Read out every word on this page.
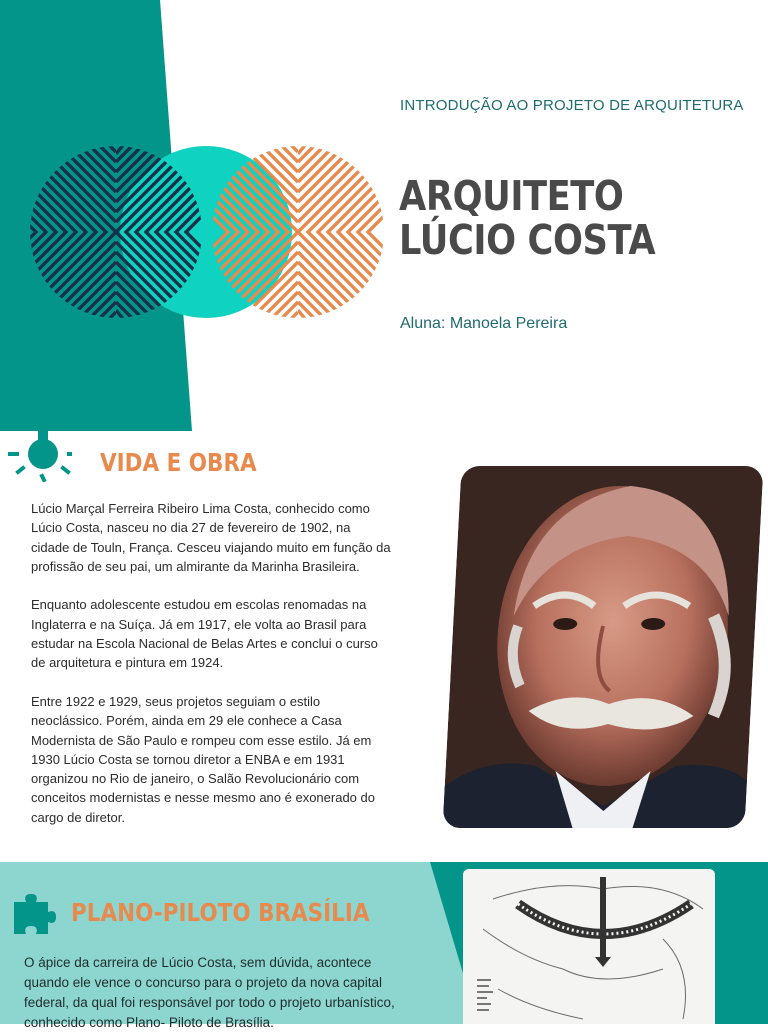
INTRODUÇÃO AO PROJETO DE ARQUITETURA
ARQUITETO
LÚCIO COSTA
Aluna: Manoela Pereira
VIDA E OBRA

Lúcio Marçal Ferreira Ribeiro Lima Costa, conhecido como Lúcio Costa, nasceu no dia 27 de fevereiro de 1902, na cidade de Touln, França. Cesceu viajando muito em função da profissão de seu pai, um almirante da Marinha Brasileira.

Enquanto adolescente estudou em escolas renomadas na Inglaterra e na Suíça. Já em 1917, ele volta ao Brasil para estudar na Escola Nacional de Belas Artes e conclui o curso de arquitetura e pintura em 1924.

Entre 1922 e 1929, seus projetos seguiam o estilo neoclássico. Porém, ainda em 29 ele conhece a Casa Modernista de São Paulo e rompeu com esse estilo. Já em 1930 Lúcio Costa se tornou diretor a ENBA e em 1931 organizou no Rio de janeiro, o Salão Revolucionário com conceitos modernistas e nesse mesmo ano é exonerado do cargo de diretor.

PLANO-PILOTO BRASÍLIA
O ápice da carreira de Lúcio Costa, sem dúvida, acontece quando ele vence o concurso para o projeto da nova capital federal, da qual foi responsável por todo o projeto urbanístico, conhecido como Plano- Piloto de Brasília.
